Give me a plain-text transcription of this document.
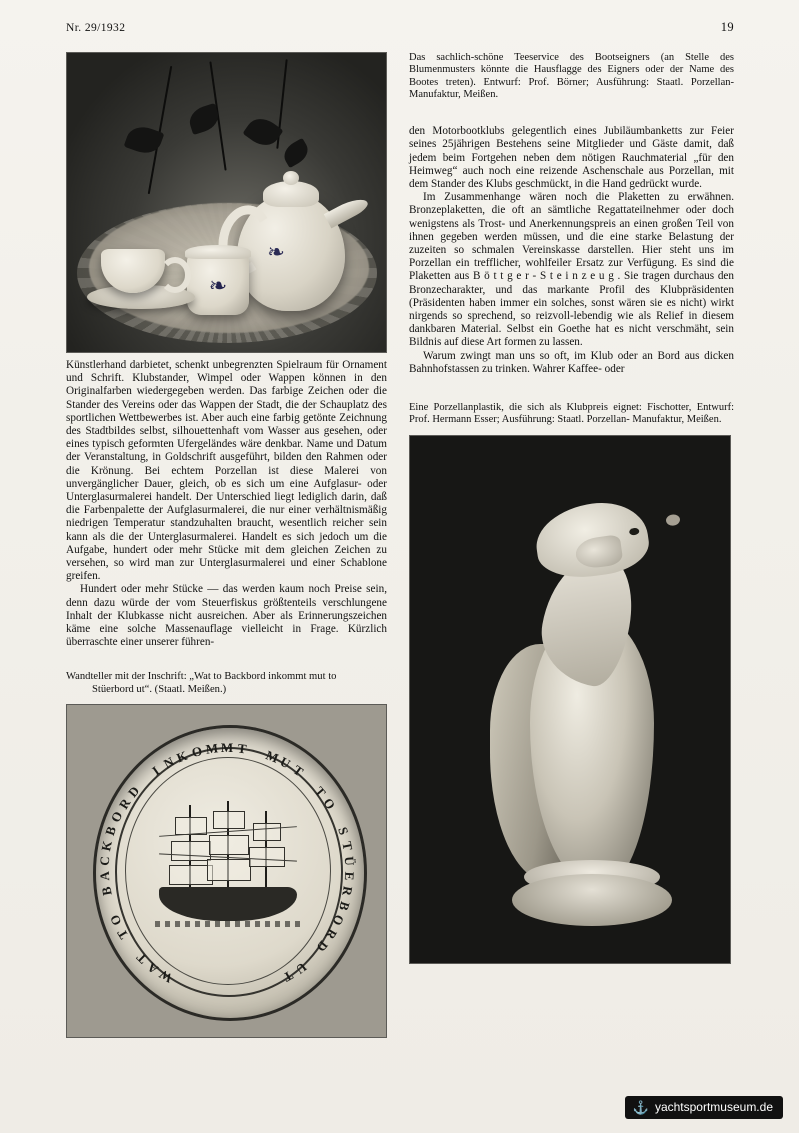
Nr. 29/1932	19
❧
❧

Künstlerhand darbietet, schenkt unbegrenzten Spielraum für Ornament und Schrift. Klubstander, Wimpel oder Wappen können in den Originalfarben wiedergegeben werden. Das farbige Zeichen oder die Stander des Vereins oder das Wappen der Stadt, die der Schauplatz des sportlichen Wettbewerbes ist. Aber auch eine farbig getönte Zeichnung des Stadtbildes selbst, silhouettenhaft vom Wasser aus gesehen, oder eines typisch geformten Ufergeländes wäre denkbar. Name und Datum der Veranstaltung, in Goldschrift ausgeführt, bilden den Rahmen oder die Krönung. Bei echtem Porzellan ist diese Malerei von unvergänglicher Dauer, gleich, ob es sich um eine Aufglasur- oder Unterglasurmalerei handelt. Der Unterschied liegt lediglich darin, daß die Farbenpalette der Aufglasurmalerei, die nur einer verhältnismäßig niedrigen Temperatur standzuhalten braucht, wesentlich reicher sein kann als die der Unterglasurmalerei. Handelt es sich jedoch um die Aufgabe, hundert oder mehr Stücke mit dem gleichen Zeichen zu versehen, so wird man zur Unterglasurmalerei und einer Schablone greifen.

Hundert oder mehr Stücke — das werden kaum noch Preise sein, denn dazu würde der vom Steuerfiskus größtenteils verschlungene Inhalt der Klubkasse nicht ausreichen. Aber als Erinnerungszeichen käme eine solche Massenauflage vielleicht in Frage. Kürzlich überraschte einer unserer führen-

Wandteller mit der Inschrift: „Wat to Backbord inkommt mut to
Stüerbord ut“. (Staatl. Meißen.)
W
A
T
T
O
B
A
C
K
B
O
R
D
I
N
K O M M T M
U
T
T
O
S
T
Ü
E
R
B
O
R
D
U
T
Das sachlich-schöne Teeservice des Bootseigners (an Stelle des Blumenmusters könnte die Hausflagge des Eigners oder der Name des Bootes treten). Entwurf: Prof. Börner; Ausführung: Staatl. Porzellan-Manufaktur, Meißen.

den Motorbootklubs gelegentlich eines Jubiläumbanketts zur Feier seines 25jährigen Bestehens seine Mitglieder und Gäste damit, daß jedem beim Fortgehen neben dem nötigen Rauchmaterial „für den Heimweg“ auch noch eine reizende Aschenschale aus Porzellan, mit dem Stander des Klubs geschmückt, in die Hand gedrückt wurde.

Im Zusammenhange wären noch die Plaketten zu erwähnen. Bronzeplaketten, die oft an sämtliche Regattateilnehmer oder doch wenigstens als Trost- und Anerkennungspreis an einen großen Teil von ihnen gegeben werden müssen, und die eine starke Belastung der zuzeiten so schmalen Vereinskasse darstellen. Hier steht uns im Porzellan ein trefflicher, wohlfeiler Ersatz zur Verfügung. Es sind die Plaketten aus B ö t t g e r - S t e i n z e u g . Sie tragen durchaus den Bronzecharakter, und das markante Profil des Klubpräsidenten (Präsidenten haben immer ein solches, sonst wären sie es nicht) wirkt nirgends so sprechend, so reizvoll-lebendig wie als Relief in diesem dankbaren Material. Selbst ein Goethe hat es nicht verschmäht, sein Bildnis auf diese Art formen zu lassen.

Warum zwingt man uns so oft, im Klub oder an Bord aus dicken Bahnhofstassen zu trinken. Wahrer Kaffee- oder

Eine Porzellanplastik, die sich als Klubpreis eignet: Fischotter, Entwurf: Prof. Hermann Esser; Ausführung: Staatl. Porzellan- Manufaktur, Meißen.
⚓ yachtsportmuseum.de
